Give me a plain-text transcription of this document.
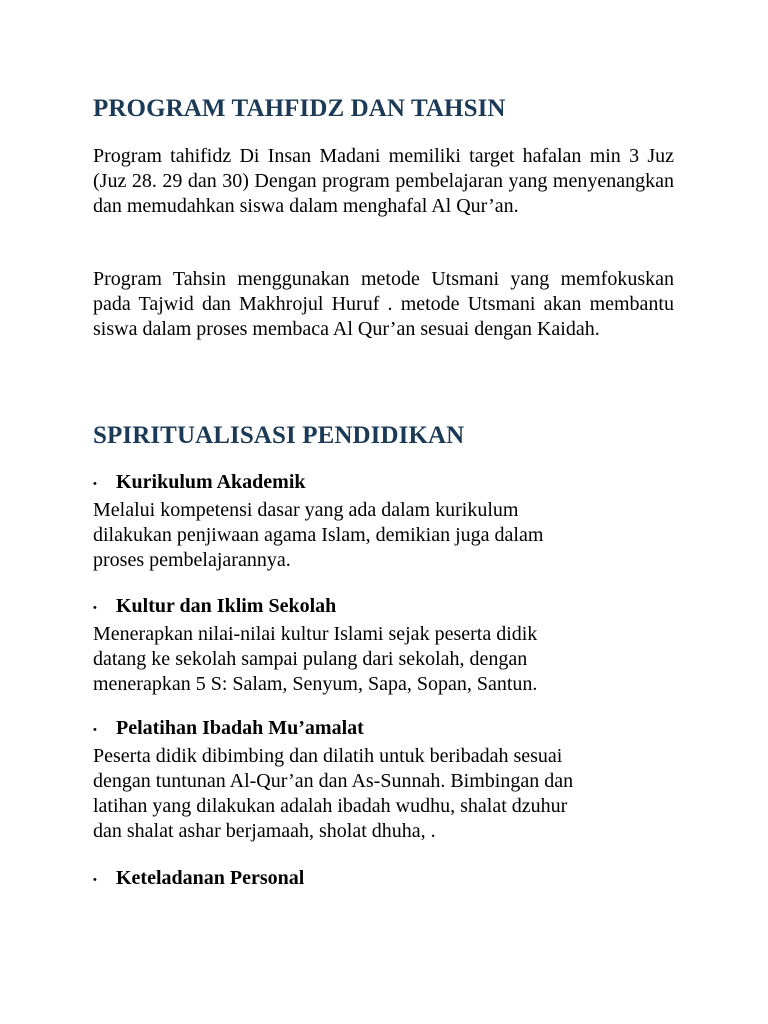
PROGRAM TAHFIDZ DAN TAHSIN

Program tahifidz Di Insan Madani memiliki target hafalan min 3 Juz (Juz 28. 29 dan 30) Dengan program pembelajaran yang menyenangkan dan memudahkan siswa dalam menghafal Al Qur’an.

Program Tahsin menggunakan metode Utsmani yang memfokuskan pada Tajwid dan Makhrojul Huruf . metode Utsmani akan membantu siswa dalam proses membaca Al Qur’an sesuai dengan Kaidah.

SPIRITUALISASI PENDIDIKAN
• Kurikulum Akademik

Melalui kompetensi dasar yang ada dalam kurikulum
dilakukan penjiwaan agama Islam, demikian juga dalam
proses pembelajarannya.

• Kultur dan Iklim Sekolah

Menerapkan nilai-nilai kultur Islami sejak peserta didik
datang ke sekolah sampai pulang dari sekolah, dengan
menerapkan 5 S: Salam, Senyum, Sapa, Sopan, Santun.

• Pelatihan Ibadah Mu’amalat

Peserta didik dibimbing dan dilatih untuk beribadah sesuai
dengan tuntunan Al-Qur’an dan As-Sunnah. Bimbingan dan
latihan yang dilakukan adalah ibadah wudhu, shalat dzuhur
dan shalat ashar berjamaah, sholat dhuha, .

• Keteladanan Personal
